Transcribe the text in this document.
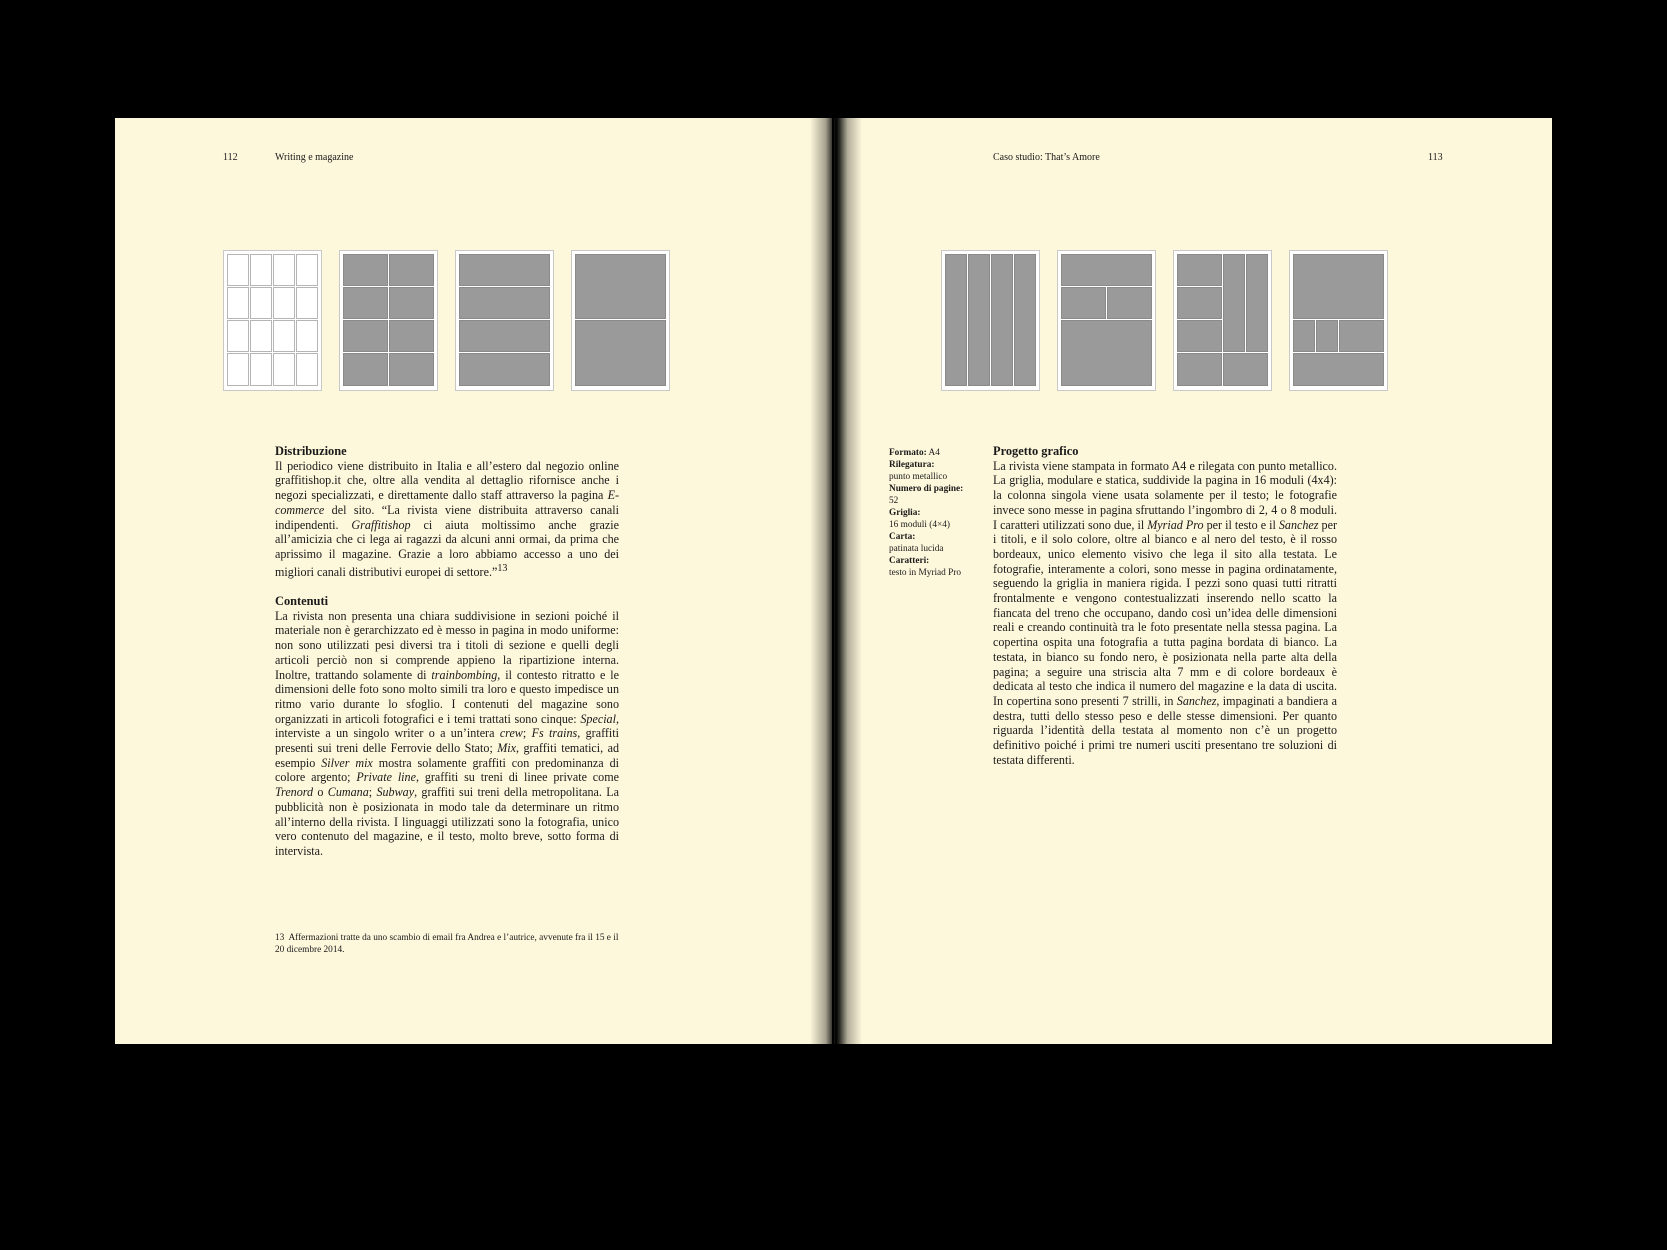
112	Writing e magazine
Distribuzione

Il periodico viene distribuito in Italia e all’estero dal negozio online graffitishop.it che, oltre alla vendita al dettaglio rifornisce anche i negozi specializzati, e direttamente dallo staff attraverso la pagina E-commerce del sito. “La rivista viene distribuita attraverso canali indipendenti. Graffitishop ci aiuta moltissimo anche grazie all’amicizia che ci lega ai ragazzi da alcuni anni ormai, da prima che aprissimo il magazine. Grazie a loro abbiamo accesso a uno dei migliori canali distributivi europei di settore.”$^{13}$

Contenuti

La rivista non presenta una chiara suddivisione in sezioni poiché il materiale non è gerarchizzato ed è messo in pagina in modo uniforme: non sono utilizzati pesi diversi tra i titoli di sezione e quelli degli articoli perciò non si comprende appieno la ripartizione interna. Inoltre, trattando solamente di trainbombing, il contesto ritratto e le dimensioni delle foto sono molto simili tra loro e questo impedisce un ritmo vario durante lo sfoglio. I contenuti del magazine sono organizzati in articoli fotografici e i temi trattati sono cinque: Special, interviste a un singolo writer o a un’intera crew; Fs trains, graffiti presenti sui treni delle Ferrovie dello Stato; Mix, graffiti tematici, ad esempio Silver mix mostra solamente graffiti con predominanza di colore argento; Private line, graffiti su treni di linee private come Trenord o Cumana; Subway, graffiti sui treni della metropolitana. La pubblicità non è posizionata in modo tale da determinare un ritmo all’interno della rivista. I linguaggi utilizzati sono la fotografia, unico vero contenuto del magazine, e il testo, molto breve, sotto forma di intervista.

13 Affermazioni tratte da uno scambio di email fra Andrea e l’autrice, avvenute fra il 15 e il 20 dicembre 2014.
Caso studio: That’s Amore	113
Formato: A4
Rilegatura:
punto metallico
Numero di pagine:
52
Griglia:
16 moduli (4×4)
Carta:
patinata lucida
Caratteri:
testo in Myriad Pro
Progetto grafico

La rivista viene stampata in formato A4 e rilegata con punto metallico. La griglia, modulare e statica, suddivide la pagina in 16 moduli (4x4): la colonna singola viene usata solamente per il testo; le fotografie invece sono messe in pagina sfruttando l’ingombro di 2, 4 o 8 moduli. I caratteri utilizzati sono due, il Myriad Pro per il testo e il Sanchez per i titoli, e il solo colore, oltre al bianco e al nero del testo, è il rosso bordeaux, unico elemento visivo che lega il sito alla testata. Le fotografie, interamente a colori, sono messe in pagina ordinatamente, seguendo la griglia in maniera rigida. I pezzi sono quasi tutti ritratti frontalmente e vengono contestualizzati inserendo nello scatto la fiancata del treno che occupano, dando così un’idea delle dimensioni reali e creando continuità tra le foto presentate nella stessa pagina. La copertina ospita una fotografia a tutta pagina bordata di bianco. La testata, in bianco su fondo nero, è posizionata nella parte alta della pagina; a seguire una striscia alta 7 mm e di colore bordeaux è dedicata al testo che indica il numero del magazine e la data di uscita. In copertina sono presenti 7 strilli, in Sanchez, impaginati a bandiera a destra, tutti dello stesso peso e delle stesse dimensioni. Per quanto riguarda l’identità della testata al momento non c’è un progetto definitivo poiché i primi tre numeri usciti presentano tre soluzioni di testata differenti.
